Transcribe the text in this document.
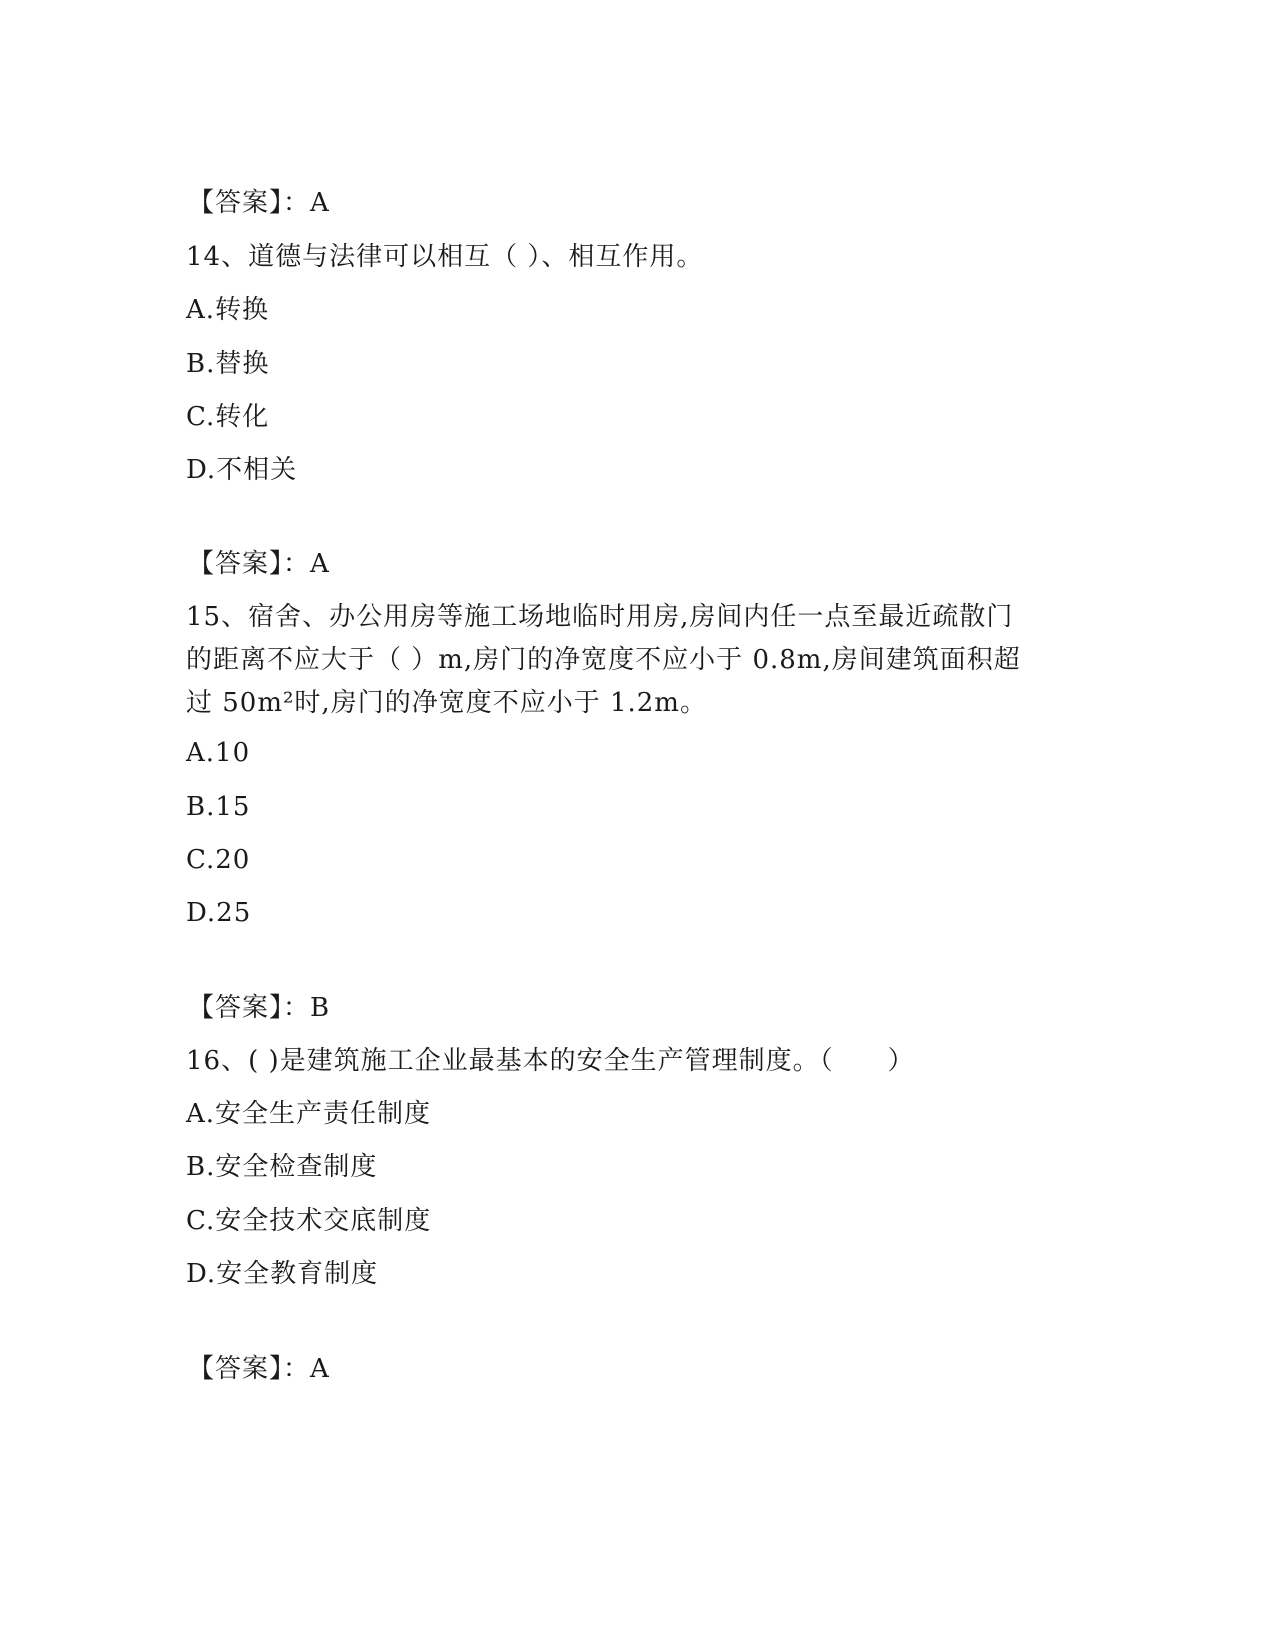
【答案】：A
14、道德与法律可以相互（ ）、相互作用。
A.转换
B.替换
C.转化
D.不相关
【答案】：A
15、宿舍、办公用房等施工场地临时用房,房间内任一点至最近疏散门
的距离不应大于（ ）m,房门的净宽度不应小于 0.8m,房间建筑面积超
过 50m²时,房门的净宽度不应小于 1.2m。
A.10
B.15
C.20
D.25
【答案】：B
16、( )是建筑施工企业最基本的安全生产管理制度。（　　）
A.安全生产责任制度
B.安全检查制度
C.安全技术交底制度
D.安全教育制度
【答案】：A
